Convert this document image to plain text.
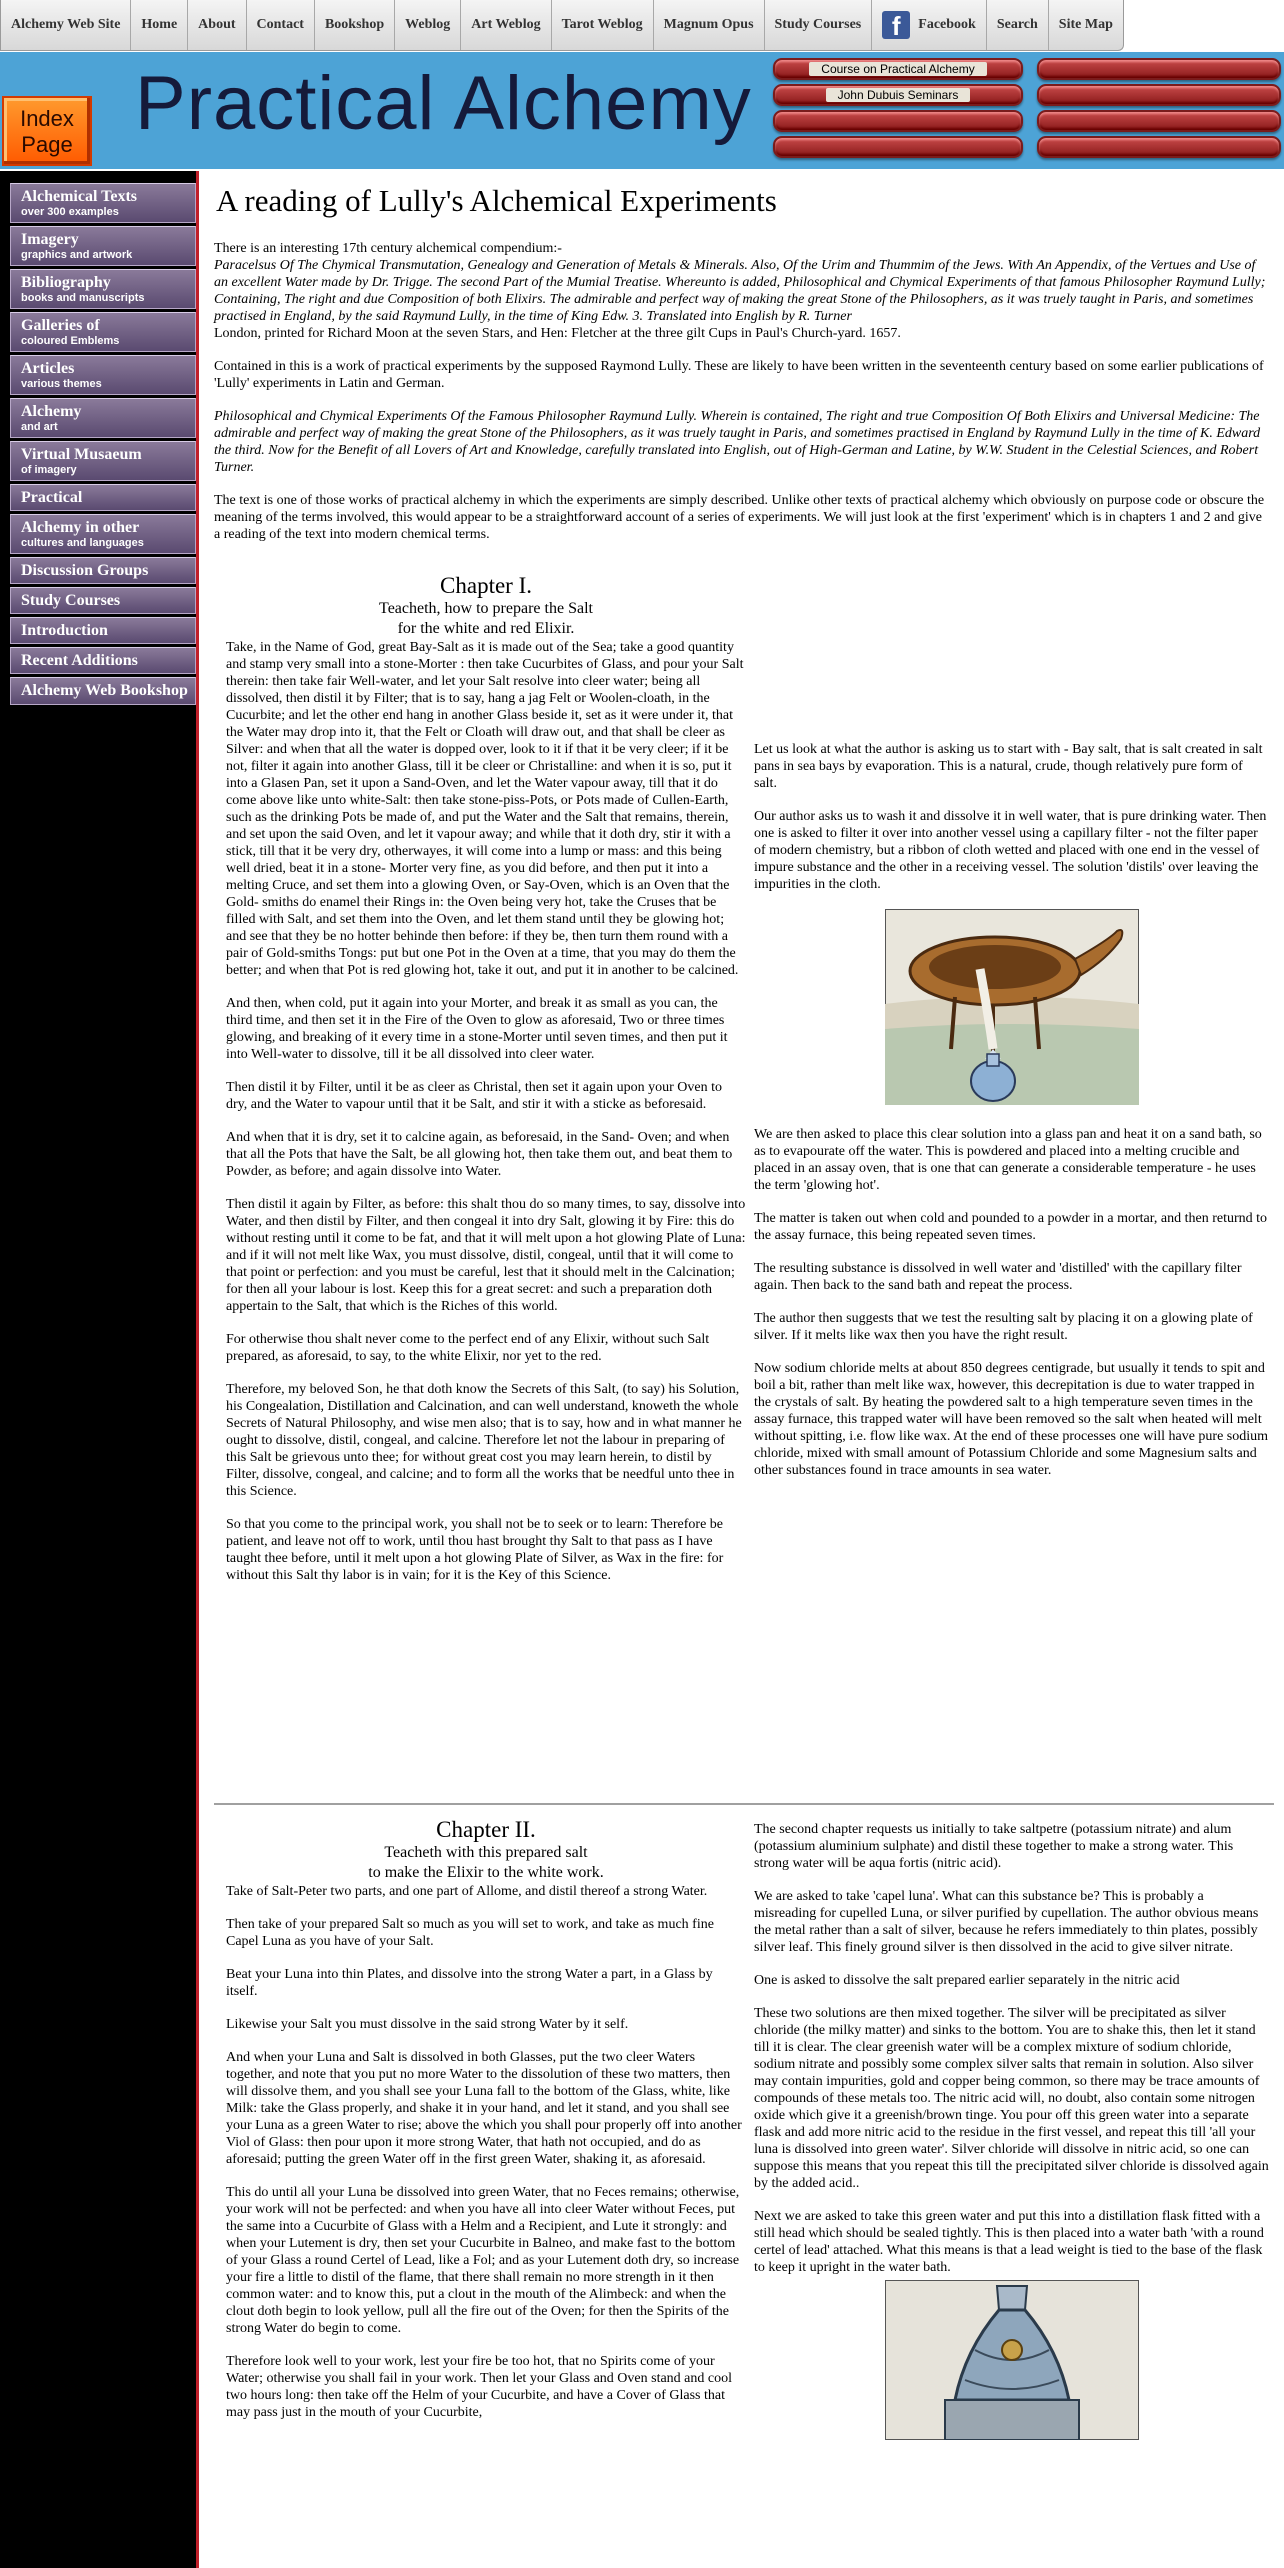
Alchemy Web Site	Home	About	Contact	Bookshop	Weblog	Art Weblog	Tarot Weblog	Magnum Opus	Study Courses	f	Facebook	Search	Site Map
Index Page Practical Alchemy	Course on Practical Alchemy
John Dubuis Seminars
Alchemical Texts
over 300 examples
Imagery
graphics and artwork
Bibliography
books and manuscripts
Galleries of
coloured Emblems
Articles
various themes
Alchemy
and art
Virtual Musaeum
of imagery
Practical
Alchemy in other
cultures and languages
Discussion Groups
Study Courses
Introduction
Recent Additions
Alchemy Web Bookshop
A reading of Lully's Alchemical Experiments

There is an interesting 17th century alchemical compendium:-

Paracelsus Of The Chymical Transmutation, Genealogy and Generation of Metals & Minerals. Also, Of the Urim and Thummim of the Jews. With An Appendix, of the Vertues and Use of an excellent Water made by Dr. Trigge. The second Part of the Mumial Treatise. Whereunto is added, Philosophical and Chymical Experiments of that famous Philosopher Raymund Lully; Containing, The right and due Composition of both Elixirs. The admirable and perfect way of making the great Stone of the Philosophers, as it was truely taught in Paris, and sometimes practised in England, by the said Raymund Lully, in the time of King Edw. 3. Translated into English by R. Turner

London, printed for Richard Moon at the seven Stars, and Hen: Fletcher at the three gilt Cups in Paul's Church-yard. 1657.

Contained in this is a work of practical experiments by the supposed Raymond Lully. These are likely to have been written in the seventeenth century based on some earlier publications of 'Lully' experiments in Latin and German.

Philosophical and Chymical Experiments Of the Famous Philosopher Raymund Lully. Wherein is contained, The right and true Composition Of Both Elixirs and Universal Medicine: The admirable and perfect way of making the great Stone of the Philosophers, as it was truely taught in Paris, and sometimes practised in England by Raymund Lully in the time of K. Edward the third. Now for the Benefit of all Lovers of Art and Knowledge, carefully translated into English, out of High-German and Latine, by W.W. Student in the Celestial Sciences, and Robert Turner.

The text is one of those works of practical alchemy in which the experiments are simply described. Unlike other texts of practical alchemy which obviously on purpose code or obscure the meaning of the terms involved, this would appear to be a straightforward account of a series of experiments. We will just look at the first 'experiment' which is in chapters 1 and 2 and give a reading of the text into modern chemical terms.

Chapter I.
Teacheth, how to prepare the Salt
for the white and red Elixir.

Take, in the Name of God, great Bay-Salt as it is made out of the Sea; take a good quantity and stamp very small into a stone-Morter : then take Cucurbites of Glass, and pour your Salt therein: then take fair Well-water, and let your Salt resolve into cleer water; being all dissolved, then distil it by Filter; that is to say, hang a jag Felt or Woolen-cloath, in the Cucurbite; and let the other end hang in another Glass beside it, set as it were under it, that the Water may drop into it, that the Felt or Cloath will draw out, and that shall be cleer as Silver: and when that all the water is dopped over, look to it if that it be very cleer; if it be not, filter it again into another Glass, till it be cleer or Christalline: and when it is so, put it into a Glasen Pan, set it upon a Sand-Oven, and let the Water vapour away, till that it do come above like unto white-Salt: then take stone-piss-Pots, or Pots made of Cullen-Earth, such as the drinking Pots be made of, and put the Water and the Salt that remains, therein, and set upon the said Oven, and let it vapour away; and while that it doth dry, stir it with a stick, till that it be very dry, otherwayes, it will come into a lump or mass: and this being well dried, beat it in a stone- Morter very fine, as you did before, and then put it into a melting Cruce, and set them into a glowing Oven, or Say-Oven, which is an Oven that the Gold- smiths do enamel their Rings in: the Oven being very hot, take the Cruses that be filled with Salt, and set them into the Oven, and let them stand until they be glowing hot; and see that they be no hotter behinde then before: if they be, then turn them round with a pair of Gold-smiths Tongs: put but one Pot in the Oven at a time, that you may do them the better; and when that Pot is red glowing hot, take it out, and put it in another to be calcined.

And then, when cold, put it again into your Morter, and break it as small as you can, the third time, and then set it in the Fire of the Oven to glow as aforesaid, Two or three times glowing, and breaking of it every time in a stone-Morter until seven times, and then put it into Well-water to dissolve, till it be all dissolved into cleer water.

Then distil it by Filter, until it be as cleer as Christal, then set it again upon your Oven to dry, and the Water to vapour until that it be Salt, and stir it with a sticke as beforesaid.

And when that it is dry, set it to calcine again, as beforesaid, in the Sand- Oven; and when that all the Pots that have the Salt, be all glowing hot, then take them out, and beat them to Powder, as before; and again dissolve into Water.

Then distil it again by Filter, as before: this shalt thou do so many times, to say, dissolve into Water, and then distil by Filter, and then congeal it into dry Salt, glowing it by Fire: this do without resting until it come to be fat, and that it will melt upon a hot glowing Plate of Luna: and if it will not melt like Wax, you must dissolve, distil, congeal, until that it will come to that point or perfection: and you must be careful, lest that it should melt in the Calcination; for then all your labour is lost. Keep this for a great secret: and such a preparation doth appertain to the Salt, that which is the Riches of this world.

For otherwise thou shalt never come to the perfect end of any Elixir, without such Salt prepared, as aforesaid, to say, to the white Elixir, nor yet to the red.

Therefore, my beloved Son, he that doth know the Secrets of this Salt, (to say) his Solution, his Congealation, Distillation and Calcination, and can well understand, knoweth the whole Secrets of Natural Philosophy, and wise men also; that is to say, how and in what manner he ought to dissolve, distil, congeal, and calcine. Therefore let not the labour in preparing of this Salt be grievous unto thee; for without great cost you may learn herein, to distil by Filter, dissolve, congeal, and calcine; and to form all the works that be needful unto thee in this Science.

So that you come to the principal work, you shall not be to seek or to learn: Therefore be patient, and leave not off to work, until thou hast brought thy Salt to that pass as I have taught thee before, until it melt upon a hot glowing Plate of Silver, as Wax in the fire: for without this Salt thy labor is in vain; for it is the Key of this Science.

Let us look at what the author is asking us to start with - Bay salt, that is salt created in salt pans in sea bays by evaporation. This is a natural, crude, though relatively pure form of salt.

Our author asks us to wash it and dissolve it in well water, that is pure drinking water. Then one is asked to filter it over into another vessel using a capillary filter - not the filter paper of modern chemistry, but a ribbon of cloth wetted and placed with one end in the vessel of impure substance and the other in a receiving vessel. The solution 'distils' over leaving the impurities in the cloth.

We are then asked to place this clear solution into a glass pan and heat it on a sand bath, so as to evapourate off the water. This is powdered and placed into a melting crucible and placed in an assay oven, that is one that can generate a considerable temperature - he uses the term 'glowing hot'.

The matter is taken out when cold and pounded to a powder in a mortar, and then returnd to the assay furnace, this being repeated seven times.

The resulting substance is dissolved in well water and 'distilled' with the capillary filter again. Then back to the sand bath and repeat the process.

The author then suggests that we test the resulting salt by placing it on a glowing plate of silver. If it melts like wax then you have the right result.

Now sodium chloride melts at about 850 degrees centigrade, but usually it tends to spit and boil a bit, rather than melt like wax, however, this decrepitation is due to water trapped in the crystals of salt. By heating the powdered salt to a high temperature seven times in the assay furnace, this trapped water will have been removed so the salt when heated will melt without spitting, i.e. flow like wax. At the end of these processes one will have pure sodium chloride, mixed with small amount of Potassium Chloride and some Magnesium salts and other substances found in trace amounts in sea water.

Chapter II.
Teacheth with this prepared salt
to make the Elixir to the white work.

Take of Salt-Peter two parts, and one part of Allome, and distil thereof a strong Water.

Then take of your prepared Salt so much as you will set to work, and take as much fine Capel Luna as you have of your Salt.

Beat your Luna into thin Plates, and dissolve into the strong Water a part, in a Glass by itself.

Likewise your Salt you must dissolve in the said strong Water by it self.

And when your Luna and Salt is dissolved in both Glasses, put the two cleer Waters together, and note that you put no more Water to the dissolution of these two matters, then will dissolve them, and you shall see your Luna fall to the bottom of the Glass, white, like Milk: take the Glass properly, and shake it in your hand, and let it stand, and you shall see your Luna as a green Water to rise; above the which you shall pour properly off into another Viol of Glass: then pour upon it more strong Water, that hath not occupied, and do as aforesaid; putting the green Water off in the first green Water, shaking it, as aforesaid.

This do until all your Luna be dissolved into green Water, that no Feces remains; otherwise, your work will not be perfected: and when you have all into cleer Water without Feces, put the same into a Cucurbite of Glass with a Helm and a Recipient, and Lute it strongly: and when your Lutement is dry, then set your Cucurbite in Balneo, and make fast to the bottom of your Glass a round Certel of Lead, like a Fol; and as your Lutement doth dry, so increase your fire a little to distil of the flame, that there shall remain no more strength in it then common water: and to know this, put a clout in the mouth of the Alimbeck: and when the clout doth begin to look yellow, pull all the fire out of the Oven; for then the Spirits of the strong Water do begin to come.

Therefore look well to your work, lest your fire be too hot, that no Spirits come of your Water; otherwise you shall fail in your work. Then let your Glass and Oven stand and cool two hours long: then take off the Helm of your Cucurbite, and have a Cover of Glass that may pass just in the mouth of your Cucurbite,

The second chapter requests us initially to take saltpetre (potassium nitrate) and alum (potassium aluminium sulphate) and distil these together to make a strong water. This strong water will be aqua fortis (nitric acid).

We are asked to take 'capel luna'. What can this substance be? This is probably a misreading for cupelled Luna, or silver purified by cupellation. The author obvious means the metal rather than a salt of silver, because he refers immediately to thin plates, possibly silver leaf. This finely ground silver is then dissolved in the acid to give silver nitrate.

One is asked to dissolve the salt prepared earlier separately in the nitric acid

These two solutions are then mixed together. The silver will be precipitated as silver chloride (the milky matter) and sinks to the bottom. You are to shake this, then let it stand till it is clear. The clear greenish water will be a complex mixture of sodium chloride, sodium nitrate and possibly some complex silver salts that remain in solution. Also silver may contain impurities, gold and copper being common, so there may be trace amounts of compounds of these metals too. The nitric acid will, no doubt, also contain some nitrogen oxide which give it a greenish/brown tinge. You pour off this green water into a separate flask and add more nitric acid to the residue in the first vessel, and repeat this till 'all your luna is dissolved into green water'. Silver chloride will dissolve in nitric acid, so one can suppose this means that you repeat this till the precipitated silver chloride is dissolved again by the added acid..

Next we are asked to take this green water and put this into a distillation flask fitted with a still head which should be sealed tightly. This is then placed into a water bath 'with a round certel of lead' attached. What this means is that a lead weight is tied to the base of the flask to keep it upright in the water bath.
